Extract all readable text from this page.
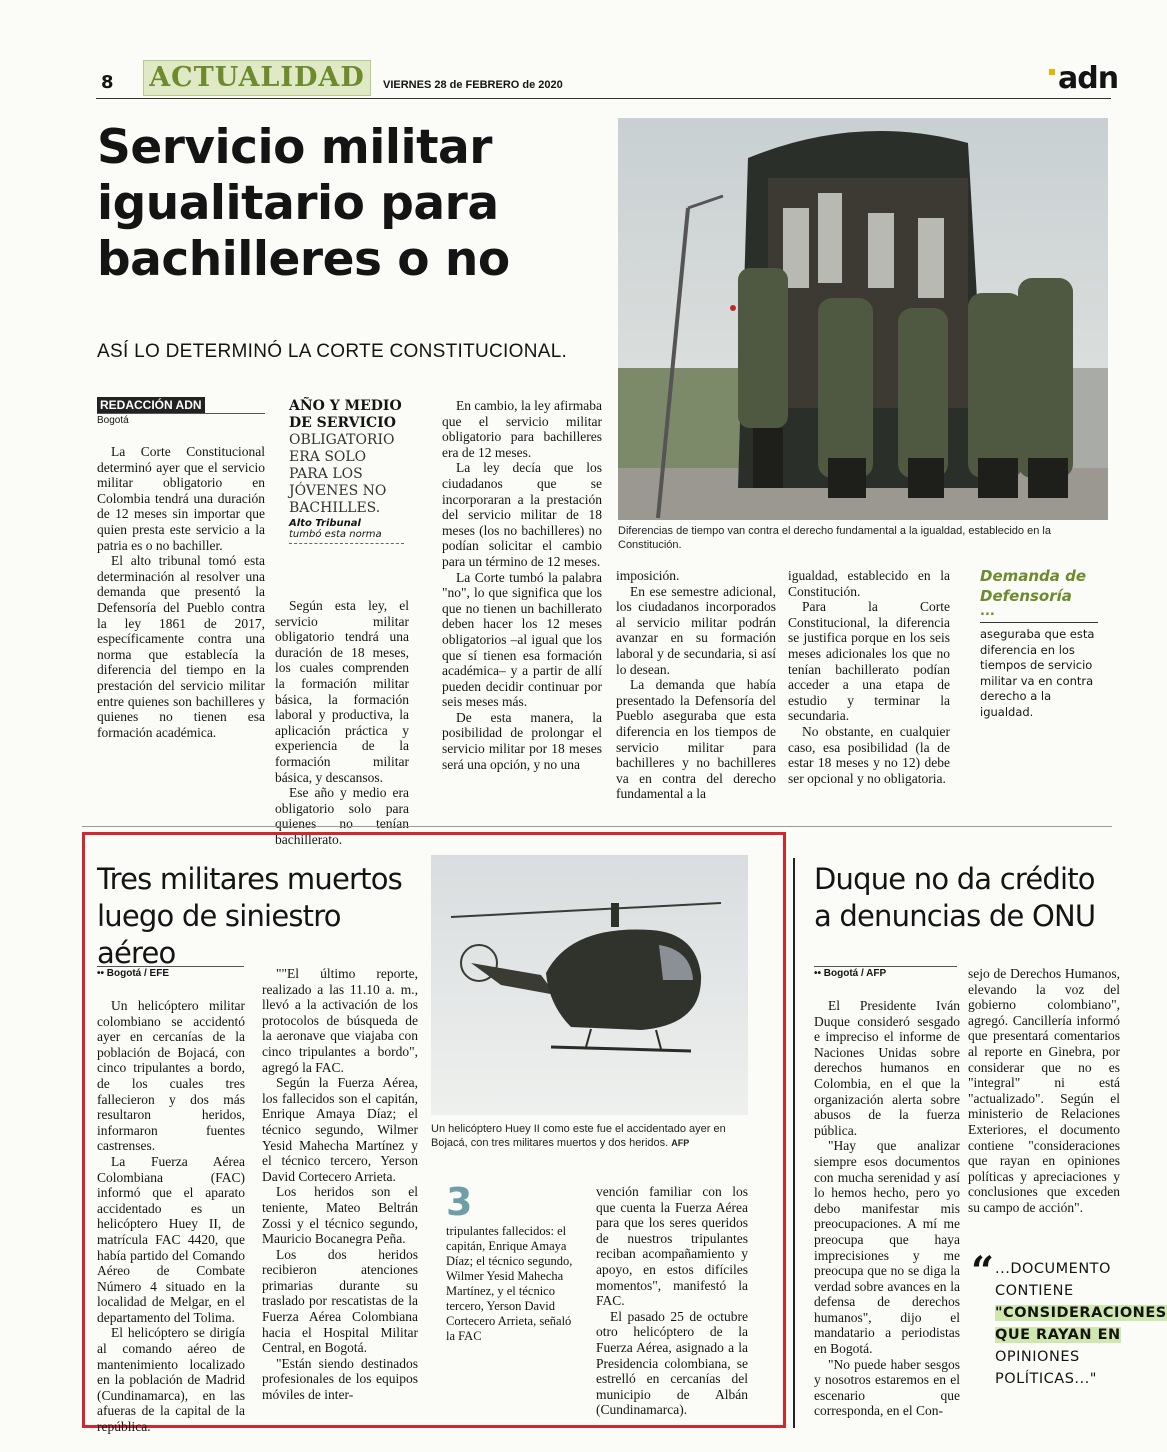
8 ACTUALIDAD	VIERNES 28 de FEBRERO de 2020	adn
Servicio militar igualitario para bachilleres o no
ASÍ LO DETERMINÓ LA CORTE CONSTITUCIONAL.
Diferencias de tiempo van contra el derecho fundamental a la igualdad, establecido en la Constitución.
REDACCIÓN ADN
Bogotá

La Corte Constitucional determinó ayer que el servicio militar obligatorio en Colombia tendrá una duración de 12 meses sin importar que quien presta este servicio a la patria es o no bachiller.

El alto tribunal tomó esta determinación al resolver una demanda que presentó la Defensoría del Pueblo contra la ley 1861 de 2017, específicamente contra una norma que establecía la diferencia del tiempo en la prestación del servicio militar entre quienes son bachilleres y quienes no tienen esa formación académica.

AÑO Y MEDIO DE SERVICIO
OBLIGATORIO ERA SOLO PARA LOS JÓVENES NO BACHILLES.
Alto Tribunal
tumbó esta norma

Según esta ley, el servicio militar obligatorio tendrá una duración de 18 meses, los cuales comprenden la formación militar básica, la formación laboral y productiva, la aplicación práctica y experiencia de la formación militar básica, y descansos.

Ese año y medio era obligatorio solo para quienes no tenían bachillerato.

En cambio, la ley afirmaba que el servicio militar obligatorio para bachilleres era de 12 meses.

La ley decía que los ciudadanos que se incorporaran a la prestación del servicio militar de 18 meses (los no bachilleres) no podían solicitar el cambio para un término de 12 meses.

La Corte tumbó la palabra "no", lo que significa que los que no tienen un bachillerato deben hacer los 12 meses obligatorios –al igual que los que sí tienen esa formación académica– y a partir de allí pueden decidir continuar por seis meses más.

De esta manera, la posibilidad de prolongar el servicio militar por 18 meses será una opción, y no una

imposición.

En ese semestre adicional, los ciudadanos incorporados al servicio militar podrán avanzar en su formación laboral y de secundaria, si así lo desean.

La demanda que había presentado la Defensoría del Pueblo aseguraba que esta diferencia en los tiempos de servicio militar para bachilleres y no bachilleres va en contra del derecho fundamental a la

igualdad, establecido en la Constitución.

Para la Corte Constitucional, la diferencia se justifica porque en los seis meses adicionales los que no tenían bachillerato podían acceder a una etapa de estudio y terminar la secundaria.

No obstante, en cualquier caso, esa posibilidad (la de estar 18 meses y no 12) debe ser opcional y no obligatoria.

Demanda de Defensoría
...
aseguraba que esta diferencia en los tiempos de servicio militar va en contra derecho a la igualdad.
Tres militares muertos luego de siniestro aéreo
Un helicóptero Huey II como este fue el accidentado ayer en Bojacá, con tres militares muertos y dos heridos. AFP
•• Bogotá / EFE

Un helicóptero militar colombiano se accidentó ayer en cercanías de la población de Bojacá, con cinco tripulantes a bordo, de los cuales tres fallecieron y dos más resultaron heridos, informaron fuentes castrenses.

La Fuerza Aérea Colombiana (FAC) informó que el aparato accidentado es un helicóptero Huey II, de matrícula FAC 4420, que había partido del Comando Aéreo de Combate Número 4 situado en la localidad de Melgar, en el departamento del Tolima.

El helicóptero se dirigía al comando aéreo de mantenimiento localizado en la población de Madrid (Cundinamarca), en las afueras de la capital de la república.

""El último reporte, realizado a las 11.10 a. m., llevó a la activación de los protocolos de búsqueda de la aeronave que viajaba con cinco tripulantes a bordo", agregó la FAC.

Según la Fuerza Aérea, los fallecidos son el capitán, Enrique Amaya Díaz; el técnico segundo, Wilmer Yesid Mahecha Martínez y el técnico tercero, Yerson David Cortecero Arrieta.

Los heridos son el teniente, Mateo Beltrán Zossi y el técnico segundo, Mauricio Bocanegra Peña.

Los dos heridos recibieron atenciones primarias durante su traslado por rescatistas de la Fuerza Aérea Colombiana hacia el Hospital Militar Central, en Bogotá.

"Están siendo destinados profesionales de los equipos móviles de inter-

3
tripulantes fallecidos: el capitán, Enrique Amaya Díaz; el técnico segundo, Wilmer Yesid Mahecha Martínez, y el técnico tercero, Yerson David Cortecero Arrieta, señaló la FAC

vención familiar con los que cuenta la Fuerza Aérea para que los seres queridos de nuestros tripulantes reciban acompañamiento y apoyo, en estos difíciles momentos", manifestó la FAC.

El pasado 25 de octubre otro helicóptero de la Fuerza Aérea, asignado a la Presidencia colombiana, se estrelló en cercanías del municipio de Albán (Cundinamarca).

Duque no da crédito a denuncias de ONU
•• Bogotá / AFP

El Presidente Iván Duque consideró sesgado e impreciso el informe de Naciones Unidas sobre derechos humanos en Colombia, en el que la organización alerta sobre abusos de la fuerza pública.

"Hay que analizar siempre esos documentos con mucha serenidad y así lo hemos hecho, pero yo debo manifestar mis preocupaciones. A mí me preocupa que haya imprecisiones y me preocupa que no se diga la verdad sobre avances en la defensa de derechos humanos", dijo el mandatario a periodistas en Bogotá.

"No puede haber sesgos y nosotros estaremos en el escenario que corresponda, en el Con-

sejo de Derechos Humanos, elevando la voz del gobierno colombiano", agregó. Cancillería informó que presentará comentarios al reporte en Ginebra, por considerar que no es "integral" ni está "actualizado". Según el ministerio de Relaciones Exteriores, el documento contiene "consideraciones que rayan en opiniones políticas y apreciaciones y conclusiones que exceden su campo de acción".

“ ...DOCUMENTO CONTIENE
"CONSIDERACIONES QUE RAYAN EN
OPINIONES POLÍTICAS..."
